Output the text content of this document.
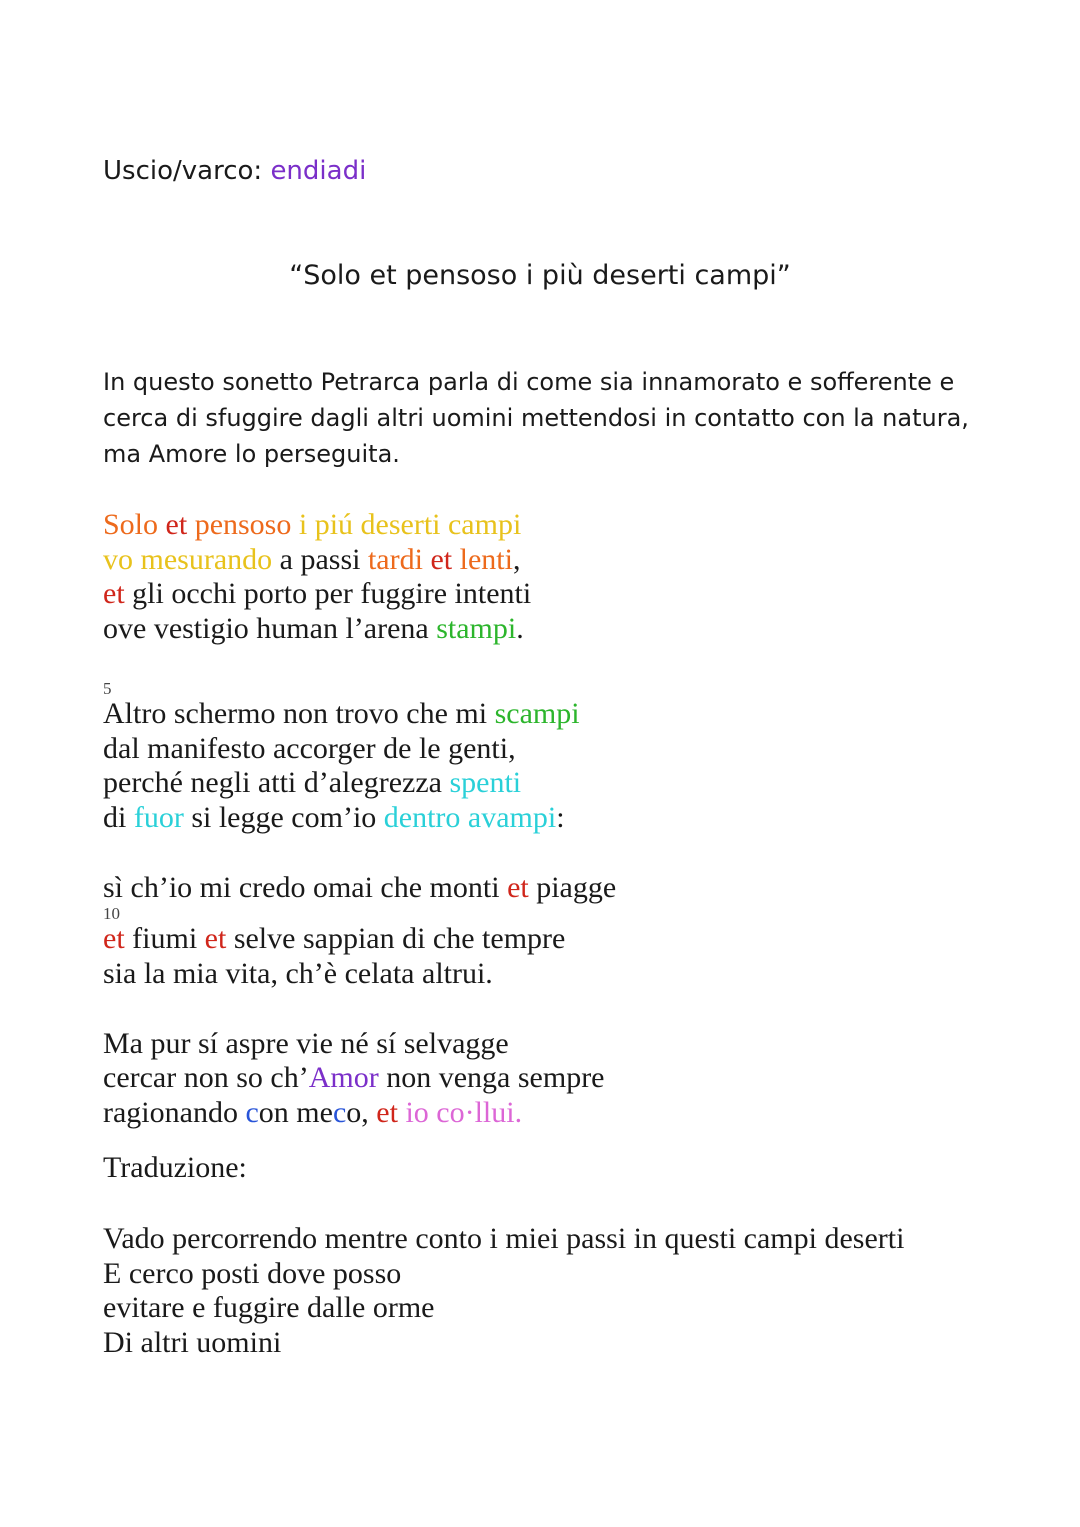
Uscio/varco: endiadi

“Solo et pensoso i più deserti campi”

In questo sonetto Petrarca parla di come sia innamorato e sofferente e cerca di sfuggire dagli altri uomini mettendosi in contatto con la natura, ma Amore lo perseguita.

Solo et pensoso i piú deserti campi
vo mesurando a passi tardi et lenti,
et gli occhi porto per fuggire intenti
ove vestigio human l’arena stampi.
5
Altro schermo non trovo che mi scampi
dal manifesto accorger de le genti,
perché negli atti d’alegrezza spenti
di fuor si legge com’io dentro avampi:
sì ch’io mi credo omai che monti et piagge
10
et fiumi et selve sappian di che tempre
sia la mia vita, ch’è celata altrui.
Ma pur sí aspre vie né sí selvagge
cercar non so ch’Amor non venga sempre
ragionando con meco, et io co·llui.
Traduzione:
Vado percorrendo mentre conto i miei passi in questi campi deserti
E cerco posti dove posso
evitare e fuggire dalle orme
Di altri uomini
